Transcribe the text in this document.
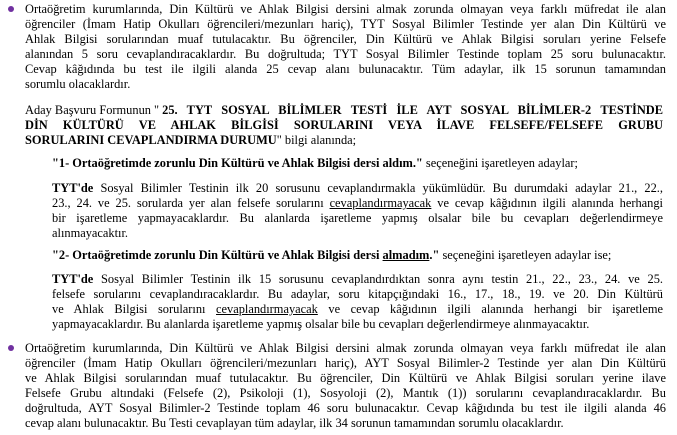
Ortaöğretim kurumlarında, Din Kültürü ve Ahlak Bilgisi dersini almak zorunda olmayan veya farklı müfredat ile alan
öğrenciler (İmam Hatip Okulları öğrencileri/mezunları hariç), TYT Sosyal Bilimler Testinde yer alan Din Kültürü ve
Ahlak Bilgisi sorularından muaf tutulacaktır. Bu öğrenciler, Din Kültürü ve Ahlak Bilgisi soruları yerine Felsefe
alanından 5 soru cevaplandıracaklardır. Bu doğrultuda; TYT Sosyal Bilimler Testinde toplam 25 soru bulunacaktır.
Cevap kâğıdında bu test ile ilgili alanda 25 cevap alanı bulunacaktır. Tüm adaylar, ilk 15 sorunun tamamından
sorumlu olacaklardır.
Aday Başvuru Formunun " 25. TYT SOSYAL BİLİMLER TESTİ İLE AYT SOSYAL BİLİMLER-2 TESTİNDE
DİN KÜLTÜRÜ VE AHLAK BİLGİSİ SORULARINI VEYA İLAVE FELSEFE/FELSEFE GRUBU
SORULARINI CEVAPLANDIRMA DURUMU" bilgi alanında;
"1- Ortaöğretimde zorunlu Din Kültürü ve Ahlak Bilgisi dersi aldım." seçeneğini işaretleyen adaylar;
TYT'de Sosyal Bilimler Testinin ilk 20 sorusunu cevaplandırmakla yükümlüdür. Bu durumdaki adaylar 21., 22.,
23., 24. ve 25. sorularda yer alan felsefe sorularını cevaplandırmayacak ve cevap kâğıdının ilgili alanında herhangi
bir işaretleme yapmayacaklardır. Bu alanlarda işaretleme yapmış olsalar bile bu cevapları değerlendirmeye
alınmayacaktır.
"2- Ortaöğretimde zorunlu Din Kültürü ve Ahlak Bilgisi dersi almadım." seçeneğini işaretleyen adaylar ise;
TYT'de Sosyal Bilimler Testinin ilk 15 sorusunu cevaplandırdıktan sonra aynı testin 21., 22., 23., 24. ve 25.
felsefe sorularını cevaplandıracaklardır. Bu adaylar, soru kitapçığındaki 16., 17., 18., 19. ve 20. Din Kültürü
ve Ahlak Bilgisi sorularını cevaplandırmayacak ve cevap kâğıdının ilgili alanında herhangi bir işaretleme
yapmayacaklardır. Bu alanlarda işaretleme yapmış olsalar bile bu cevapları değerlendirmeye alınmayacaktır.
Ortaöğretim kurumlarında, Din Kültürü ve Ahlak Bilgisi dersini almak zorunda olmayan veya farklı müfredat ile alan
öğrenciler (İmam Hatip Okulları öğrencileri/mezunları hariç), AYT Sosyal Bilimler-2 Testinde yer alan Din Kültürü
ve Ahlak Bilgisi sorularından muaf tutulacaktır. Bu öğrenciler, Din Kültürü ve Ahlak Bilgisi soruları yerine ilave
Felsefe Grubu altındaki (Felsefe (2), Psikoloji (1), Sosyoloji (2), Mantık (1)) sorularını cevaplandıracaklardır. Bu
doğrultuda, AYT Sosyal Bilimler-2 Testinde toplam 46 soru bulunacaktır. Cevap kâğıdında bu test ile ilgili alanda 46
cevap alanı bulunacaktır. Bu Testi cevaplayan tüm adaylar, ilk 34 sorunun tamamından sorumlu olacaklardır.
